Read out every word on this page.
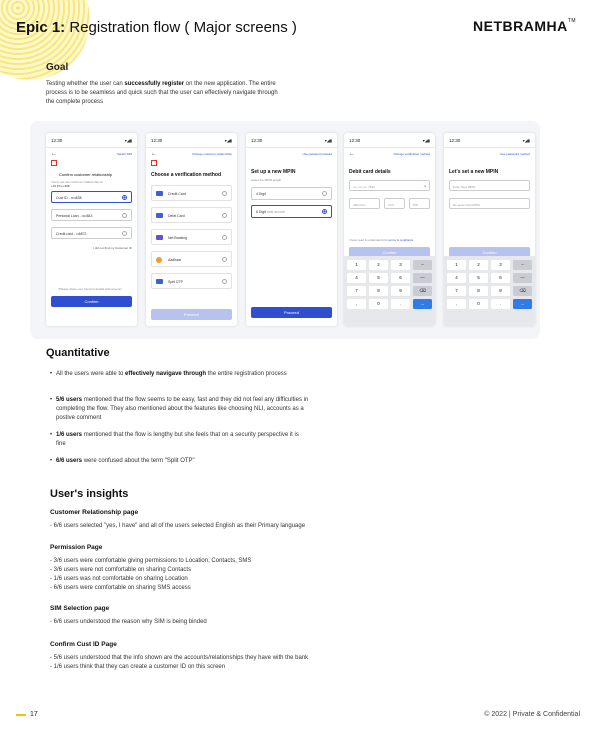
Epic 1: Registration flow ( Major screens )	NETBRAMHA™
Goal
Testing whether the user can successfully register on the new application. The entire process is to be seamless and quick such that the user can effectively navigate through the complete process
12:30	▾◢▮
←	Switch SIM
Confirm customer relationship
You're are the customer relationship for
+91 97••••308
Cust ID - ••••838
Personal Loan - ••••843
Credit card - ••6872
I did not find my Customer ID
"Please share your Account details with anyone"
Confirm
12:30	▾◢▮
←	Change customer relationship
Choose a verification method
Credit Card
Debit Card
Net Banking
Aadhaar
Split OTP
Proceed
12:30	▾◢▮
Use password instead
Set up a new MPIN
select the MPIN length
4 Digit
6 Digit best secure
Proceed
12:30	▾◢▮
←	Change verification method
Debit card details
•••• •••• •••• 7846	●
Valid thru	CVV	PIN
I have read & understand the terms & conditions
Confirm
1	2	3	–
4	5	6	—
7	8	9	⌫
,	0	.	→
12:30	▾◢▮
Use password method
Let's set a new MPIN
Enter New MPIN
Re-enter New MPIN
Confirm
1	2	3	–
4	5	6	—
7	8	9	⌫
,	0	.	→
Quantitative
• All the users were able to effectively navigave through the entire registration process
• 5/6 users mentioned that the flow seems to be easy, fast and they did not feel any difficulties in completing the flow. They also mentioned about the features like choosing NLI, accounts as a postive comment
• 1/6 users mentioned that the flow is lengthy but she feels that on a security perspective it is fine
• 6/6 users were confused about the term "Split OTP"
User's insights
Customer Relationship page
- 6/6 users selected "yes, I have" and all of the users selected English as their Primary language
Permission Page
- 3/6 users were comfortable giving permissions to Location, Contacts, SMS
- 3/6 users were not comfortable on sharing Contacts
- 1/6 users was not comfortable on sharing Location
- 6/6 users were comfortable on sharing SMS access
SIM Selection page
- 6/6 users understood the reason why SIM is being binded
Confirm Cust ID Page
- 5/6 users understood that the info shown are the accounts/relationships they have with the bank
- 1/6 users think that they can create a customer ID on this screen
17	© 2022 | Private & Confidential
